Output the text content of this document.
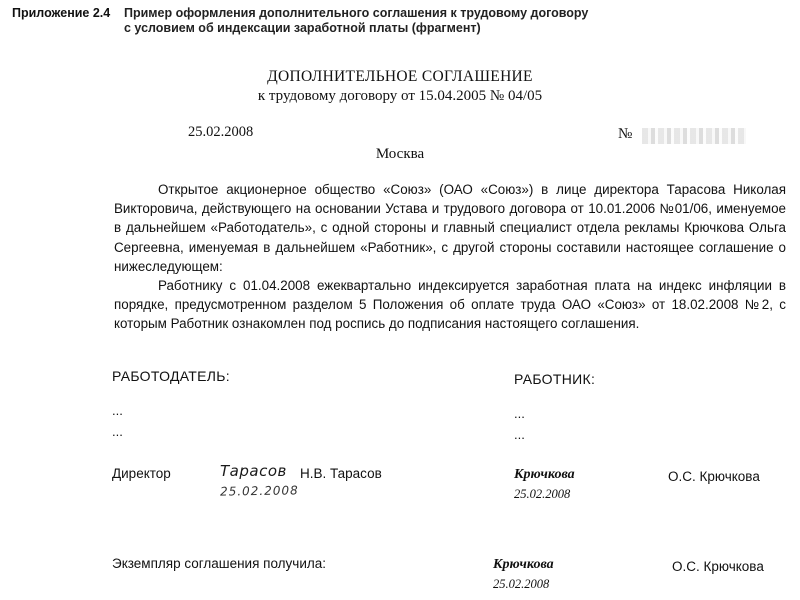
Приложение 2.4 Пример оформления дополнительного соглашения к трудовому договору
с условием об индексации заработной платы (фрагмент)
ДОПОЛНИТЕЛЬНОЕ СОГЛАШЕНИЕ
к трудовому договору от 15.04.2005 № 04/05
25.02.2008	№
Москва

Открытое акционерное общество «Союз» (ОАО «Союз») в лице директора Тарасова Николая Викторовича, действующего на основании Устава и трудового договора от 10.01.2006 №01/06, именуемое в дальнейшем «Работодатель», с одной стороны и главный специалист отдела рекламы Крючкова Ольга Сергеевна, именуемая в дальнейшем «Работник», с другой стороны составили настоящее соглашение о нижеследующем:

Работнику с 01.04.2008 ежеквартально индексируется заработная плата на индекс инфляции в порядке, предусмотренном разделом 5 Положения об оплате труда ОАО «Союз» от 18.02.2008 №2, с которым Работник ознакомлен под роспись до подписания настоящего соглашения.

РАБОТОДАТЕЛЬ:
...
...
Директор	Тарасов
25.02.2008
Н.В. Тарасов
РАБОТНИК:
...
...
Крючкова
25.02.2008
О.С. Крючкова
Экземпляр соглашения получила:	Крючкова
25.02.2008
О.С. Крючкова
